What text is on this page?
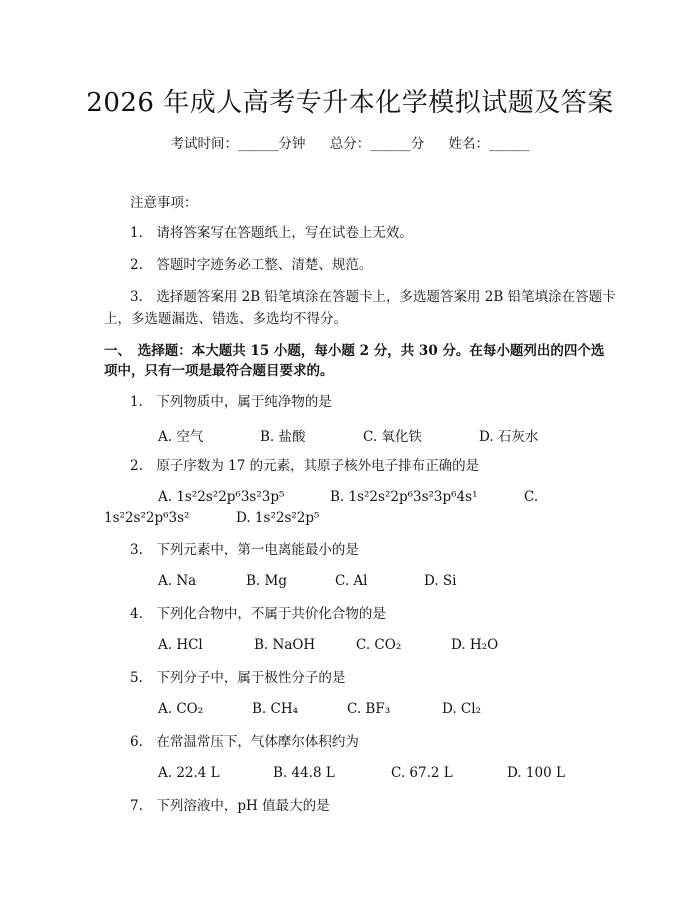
2026 年成人高考专升本化学模拟试题及答案
考试时间：______分钟 总分：______分 姓名：______
注意事项：
1.　请将答案写在答题纸上，写在试卷上无效。
2.　答题时字迹务必工整、清楚、规范。
3.　选择题答案用 2B 铅笔填涂在答题卡上，多选题答案用 2B 铅笔填涂在答题卡上，多选题漏选、错选、多选均不得分。
一、　选择题：本大题共 15 小题，每小题 2 分，共 30 分。在每小题列出的四个选
项中，只有一项是最符合题目要求的。
1.　下列物质中，属于纯净物的是
A. 空气	B. 盐酸	C. 氧化铁	D. 石灰水
2.　原子序数为 17 的元素，其原子核外电子排布正确的是
A. 1s²2s²2p⁶3s²3p⁵	B. 1s²2s²2p⁶3s²3p⁶4s¹	C.
1s²2s²2p⁶3s²	D. 1s²2s²2p⁵
3.　下列元素中，第一电离能最小的是
A. Na	B. Mg	C. Al	D. Si
4.　下列化合物中，不属于共价化合物的是
A. HCl	B. NaOH	C. CO₂	D. H₂O
5.　下列分子中，属于极性分子的是
A. CO₂	B. CH₄	C. BF₃	D. Cl₂
6.　在常温常压下，气体摩尔体积约为
A. 22.4 L	B. 44.8 L	C. 67.2 L	D. 100 L
7.　下列溶液中，pH 值最大的是
